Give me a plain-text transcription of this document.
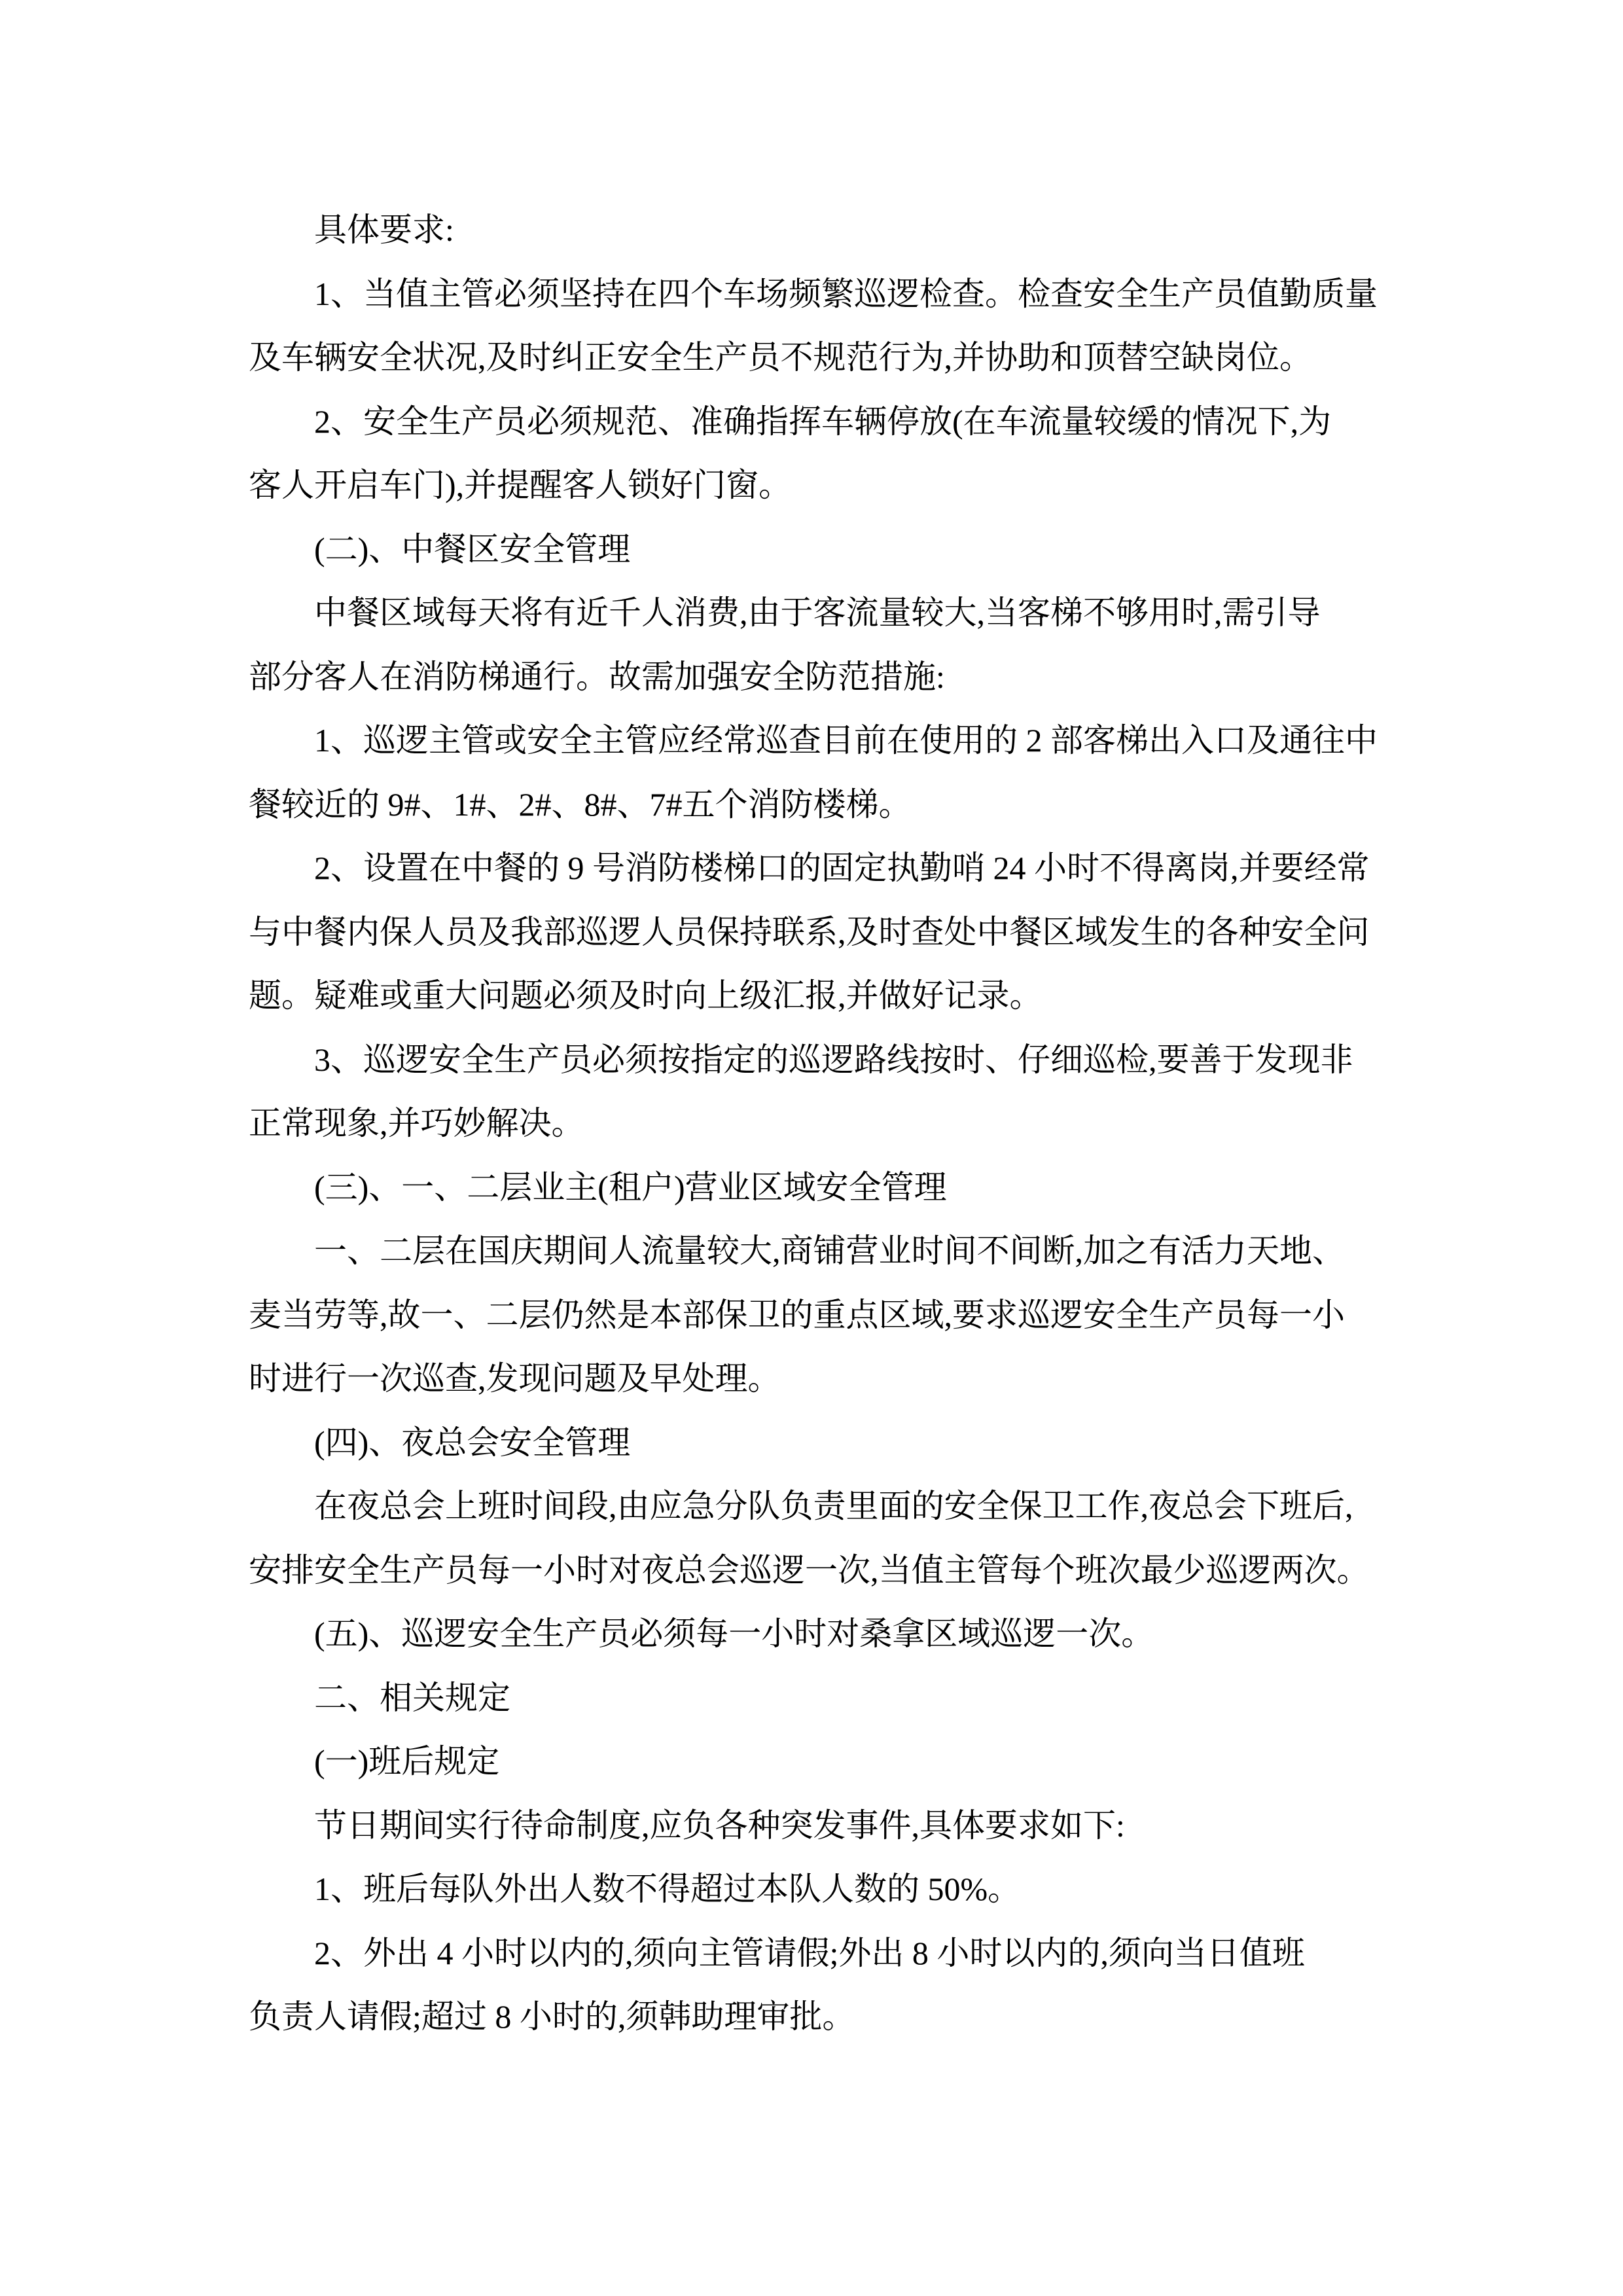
具体要求:
1、当值主管必须坚持在四个车场频繁巡逻检查。检查安全生产员值勤质量
及车辆安全状况,及时纠正安全生产员不规范行为,并协助和顶替空缺岗位。
2、安全生产员必须规范、准确指挥车辆停放(在车流量较缓的情况下,为
客人开启车门),并提醒客人锁好门窗。
(二)、中餐区安全管理
中餐区域每天将有近千人消费,由于客流量较大,当客梯不够用时,需引导
部分客人在消防梯通行。故需加强安全防范措施:
1、巡逻主管或安全主管应经常巡查目前在使用的 2 部客梯出入口及通往中
餐较近的 9#、1#、2#、8#、7#五个消防楼梯。
2、设置在中餐的 9 号消防楼梯口的固定执勤哨 24 小时不得离岗,并要经常
与中餐内保人员及我部巡逻人员保持联系,及时查处中餐区域发生的各种安全问
题。疑难或重大问题必须及时向上级汇报,并做好记录。
3、巡逻安全生产员必须按指定的巡逻路线按时、仔细巡检,要善于发现非
正常现象,并巧妙解决。
(三)、一、二层业主(租户)营业区域安全管理
一、二层在国庆期间人流量较大,商铺营业时间不间断,加之有活力天地、
麦当劳等,故一、二层仍然是本部保卫的重点区域,要求巡逻安全生产员每一小
时进行一次巡查,发现问题及早处理。
(四)、夜总会安全管理
在夜总会上班时间段,由应急分队负责里面的安全保卫工作,夜总会下班后,
安排安全生产员每一小时对夜总会巡逻一次,当值主管每个班次最少巡逻两次。
(五)、巡逻安全生产员必须每一小时对桑拿区域巡逻一次。
二、相关规定
(一)班后规定
节日期间实行待命制度,应负各种突发事件,具体要求如下:
1、班后每队外出人数不得超过本队人数的 50%。
2、外出 4 小时以内的,须向主管请假;外出 8 小时以内的,须向当日值班
负责人请假;超过 8 小时的,须韩助理审批。
